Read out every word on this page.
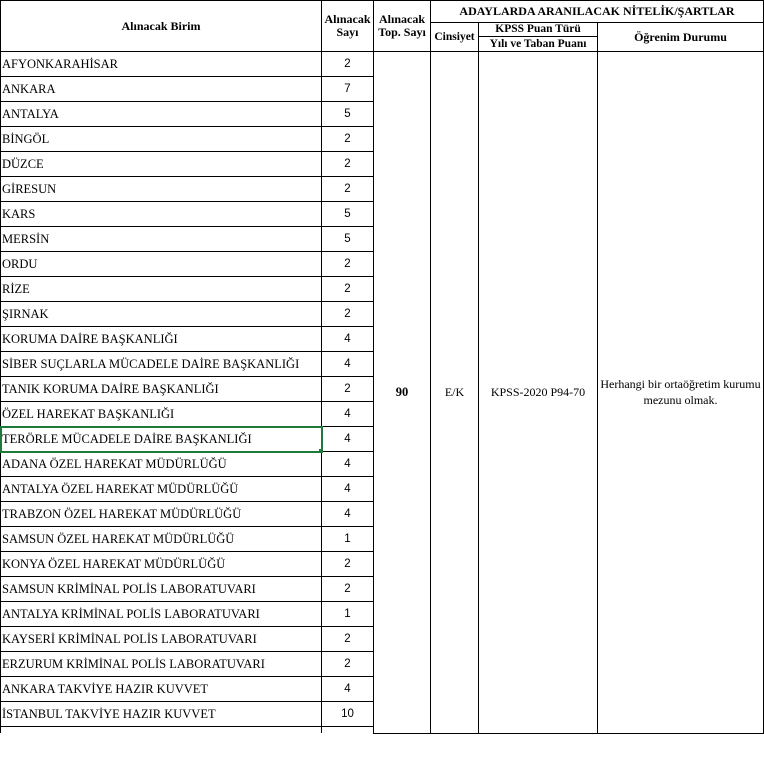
Alınacak Birim	Alınacak Sayı	Alınacak Top. Sayı	ADAYLARDA ARANILACAK NİTELİK/ŞARTLAR		
			Cinsiyet	KPSS Puan Türü	Öğrenim Durumu
				Yılı ve Taban Puanı	
AFYONKARAHİSAR	2	90	E/K	KPSS-2020 P94-70	Herhangi bir ortaöğretim kurumu mezunu olmak.
ANKARA	7				
ANTALYA	5				
BİNGÖL	2				
DÜZCE	2				
GİRESUN	2				
KARS	5				
MERSİN	5				
ORDU	2				
RİZE	2				
ŞIRNAK	2				
KORUMA DAİRE BAŞKANLIĞI	4				
SİBER SUÇLARLA MÜCADELE DAİRE BAŞKANLIĞI	4				
TANIK KORUMA DAİRE BAŞKANLIĞI	2				
ÖZEL HAREKAT BAŞKANLIĞI	4				
TERÖRLE MÜCADELE DAİRE BAŞKANLIĞI	4				
ADANA ÖZEL HAREKAT MÜDÜRLÜĞÜ	4				
ANTALYA ÖZEL HAREKAT MÜDÜRLÜĞÜ	4				
TRABZON ÖZEL HAREKAT MÜDÜRLÜĞÜ	4				
SAMSUN ÖZEL HAREKAT MÜDÜRLÜĞÜ	1				
KONYA ÖZEL HAREKAT MÜDÜRLÜĞÜ	2				
SAMSUN KRİMİNAL POLİS LABORATUVARI	2				
ANTALYA KRİMİNAL POLİS LABORATUVARI	1				
KAYSERİ KRİMİNAL POLİS LABORATUVARI	2				
ERZURUM KRİMİNAL POLİS LABORATUVARI	2				
ANKARA TAKVİYE HAZIR KUVVET	4				
İSTANBUL TAKVİYE HAZIR KUVVET	10				
